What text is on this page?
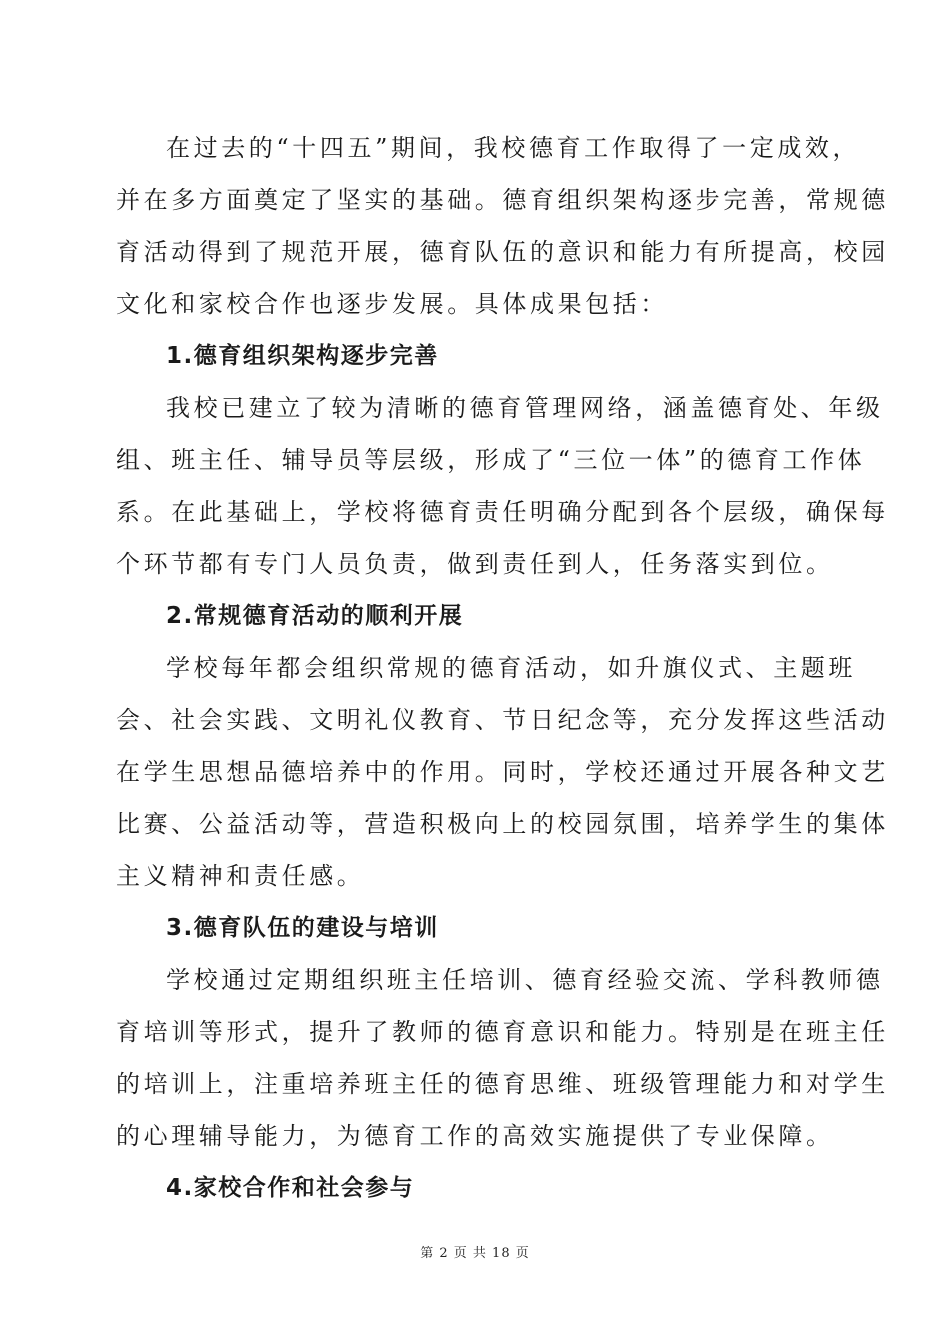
在过去的“十四五”期间，我校德育工作取得了一定成效，
并在多方面奠定了坚实的基础。德育组织架构逐步完善，常规德
育活动得到了规范开展，德育队伍的意识和能力有所提高，校园
文化和家校合作也逐步发展。具体成果包括：
1.德育组织架构逐步完善
我校已建立了较为清晰的德育管理网络，涵盖德育处、年级
组、班主任、辅导员等层级，形成了“三位一体”的德育工作体
系。在此基础上，学校将德育责任明确分配到各个层级，确保每
个环节都有专门人员负责，做到责任到人，任务落实到位。
2.常规德育活动的顺利开展
学校每年都会组织常规的德育活动，如升旗仪式、主题班
会、社会实践、文明礼仪教育、节日纪念等，充分发挥这些活动
在学生思想品德培养中的作用。同时，学校还通过开展各种文艺
比赛、公益活动等，营造积极向上的校园氛围，培养学生的集体
主义精神和责任感。
3.德育队伍的建设与培训
学校通过定期组织班主任培训、德育经验交流、学科教师德
育培训等形式，提升了教师的德育意识和能力。特别是在班主任
的培训上，注重培养班主任的德育思维、班级管理能力和对学生
的心理辅导能力，为德育工作的高效实施提供了专业保障。
4.家校合作和社会参与
第 2 页 共 18 页
